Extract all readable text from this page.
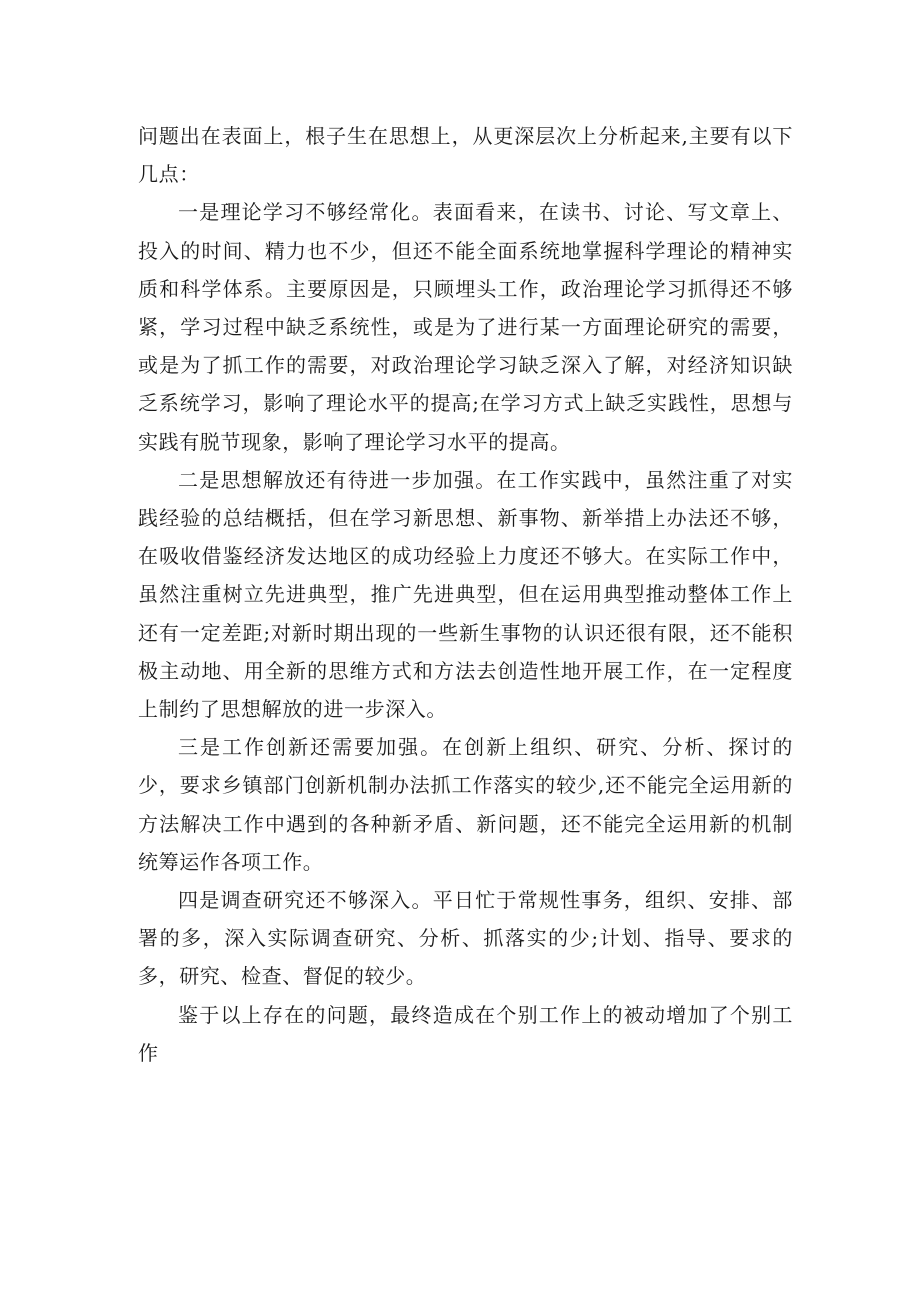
问题出在表面上，根子生在思想上，从更深层次上分析起来,主要有以下几点：

一是理论学习不够经常化。表面看来，在读书、讨论、写文章上、投入的时间、精力也不少，但还不能全面系统地掌握科学理论的精神实质和科学体系。主要原因是，只顾埋头工作，政治理论学习抓得还不够紧，学习过程中缺乏系统性，或是为了进行某一方面理论研究的需要，或是为了抓工作的需要，对政治理论学习缺乏深入了解，对经济知识缺乏系统学习，影响了理论水平的提高;在学习方式上缺乏实践性，思想与实践有脱节现象，影响了理论学习水平的提高。

二是思想解放还有待进一步加强。在工作实践中，虽然注重了对实践经验的总结概括，但在学习新思想、新事物、新举措上办法还不够，在吸收借鉴经济发达地区的成功经验上力度还不够大。在实际工作中，虽然注重树立先进典型，推广先进典型，但在运用典型推动整体工作上还有一定差距;对新时期出现的一些新生事物的认识还很有限，还不能积极主动地、用全新的思维方式和方法去创造性地开展工作，在一定程度上制约了思想解放的进一步深入。

三是工作创新还需要加强。在创新上组织、研究、分析、探讨的少，要求乡镇部门创新机制办法抓工作落实的较少,还不能完全运用新的方法解决工作中遇到的各种新矛盾、新问题，还不能完全运用新的机制统筹运作各项工作。

四是调查研究还不够深入。平日忙于常规性事务，组织、安排、部署的多，深入实际调查研究、分析、抓落实的少;计划、指导、要求的多，研究、检查、督促的较少。

鉴于以上存在的问题，最终造成在个别工作上的被动增加了个别工作
